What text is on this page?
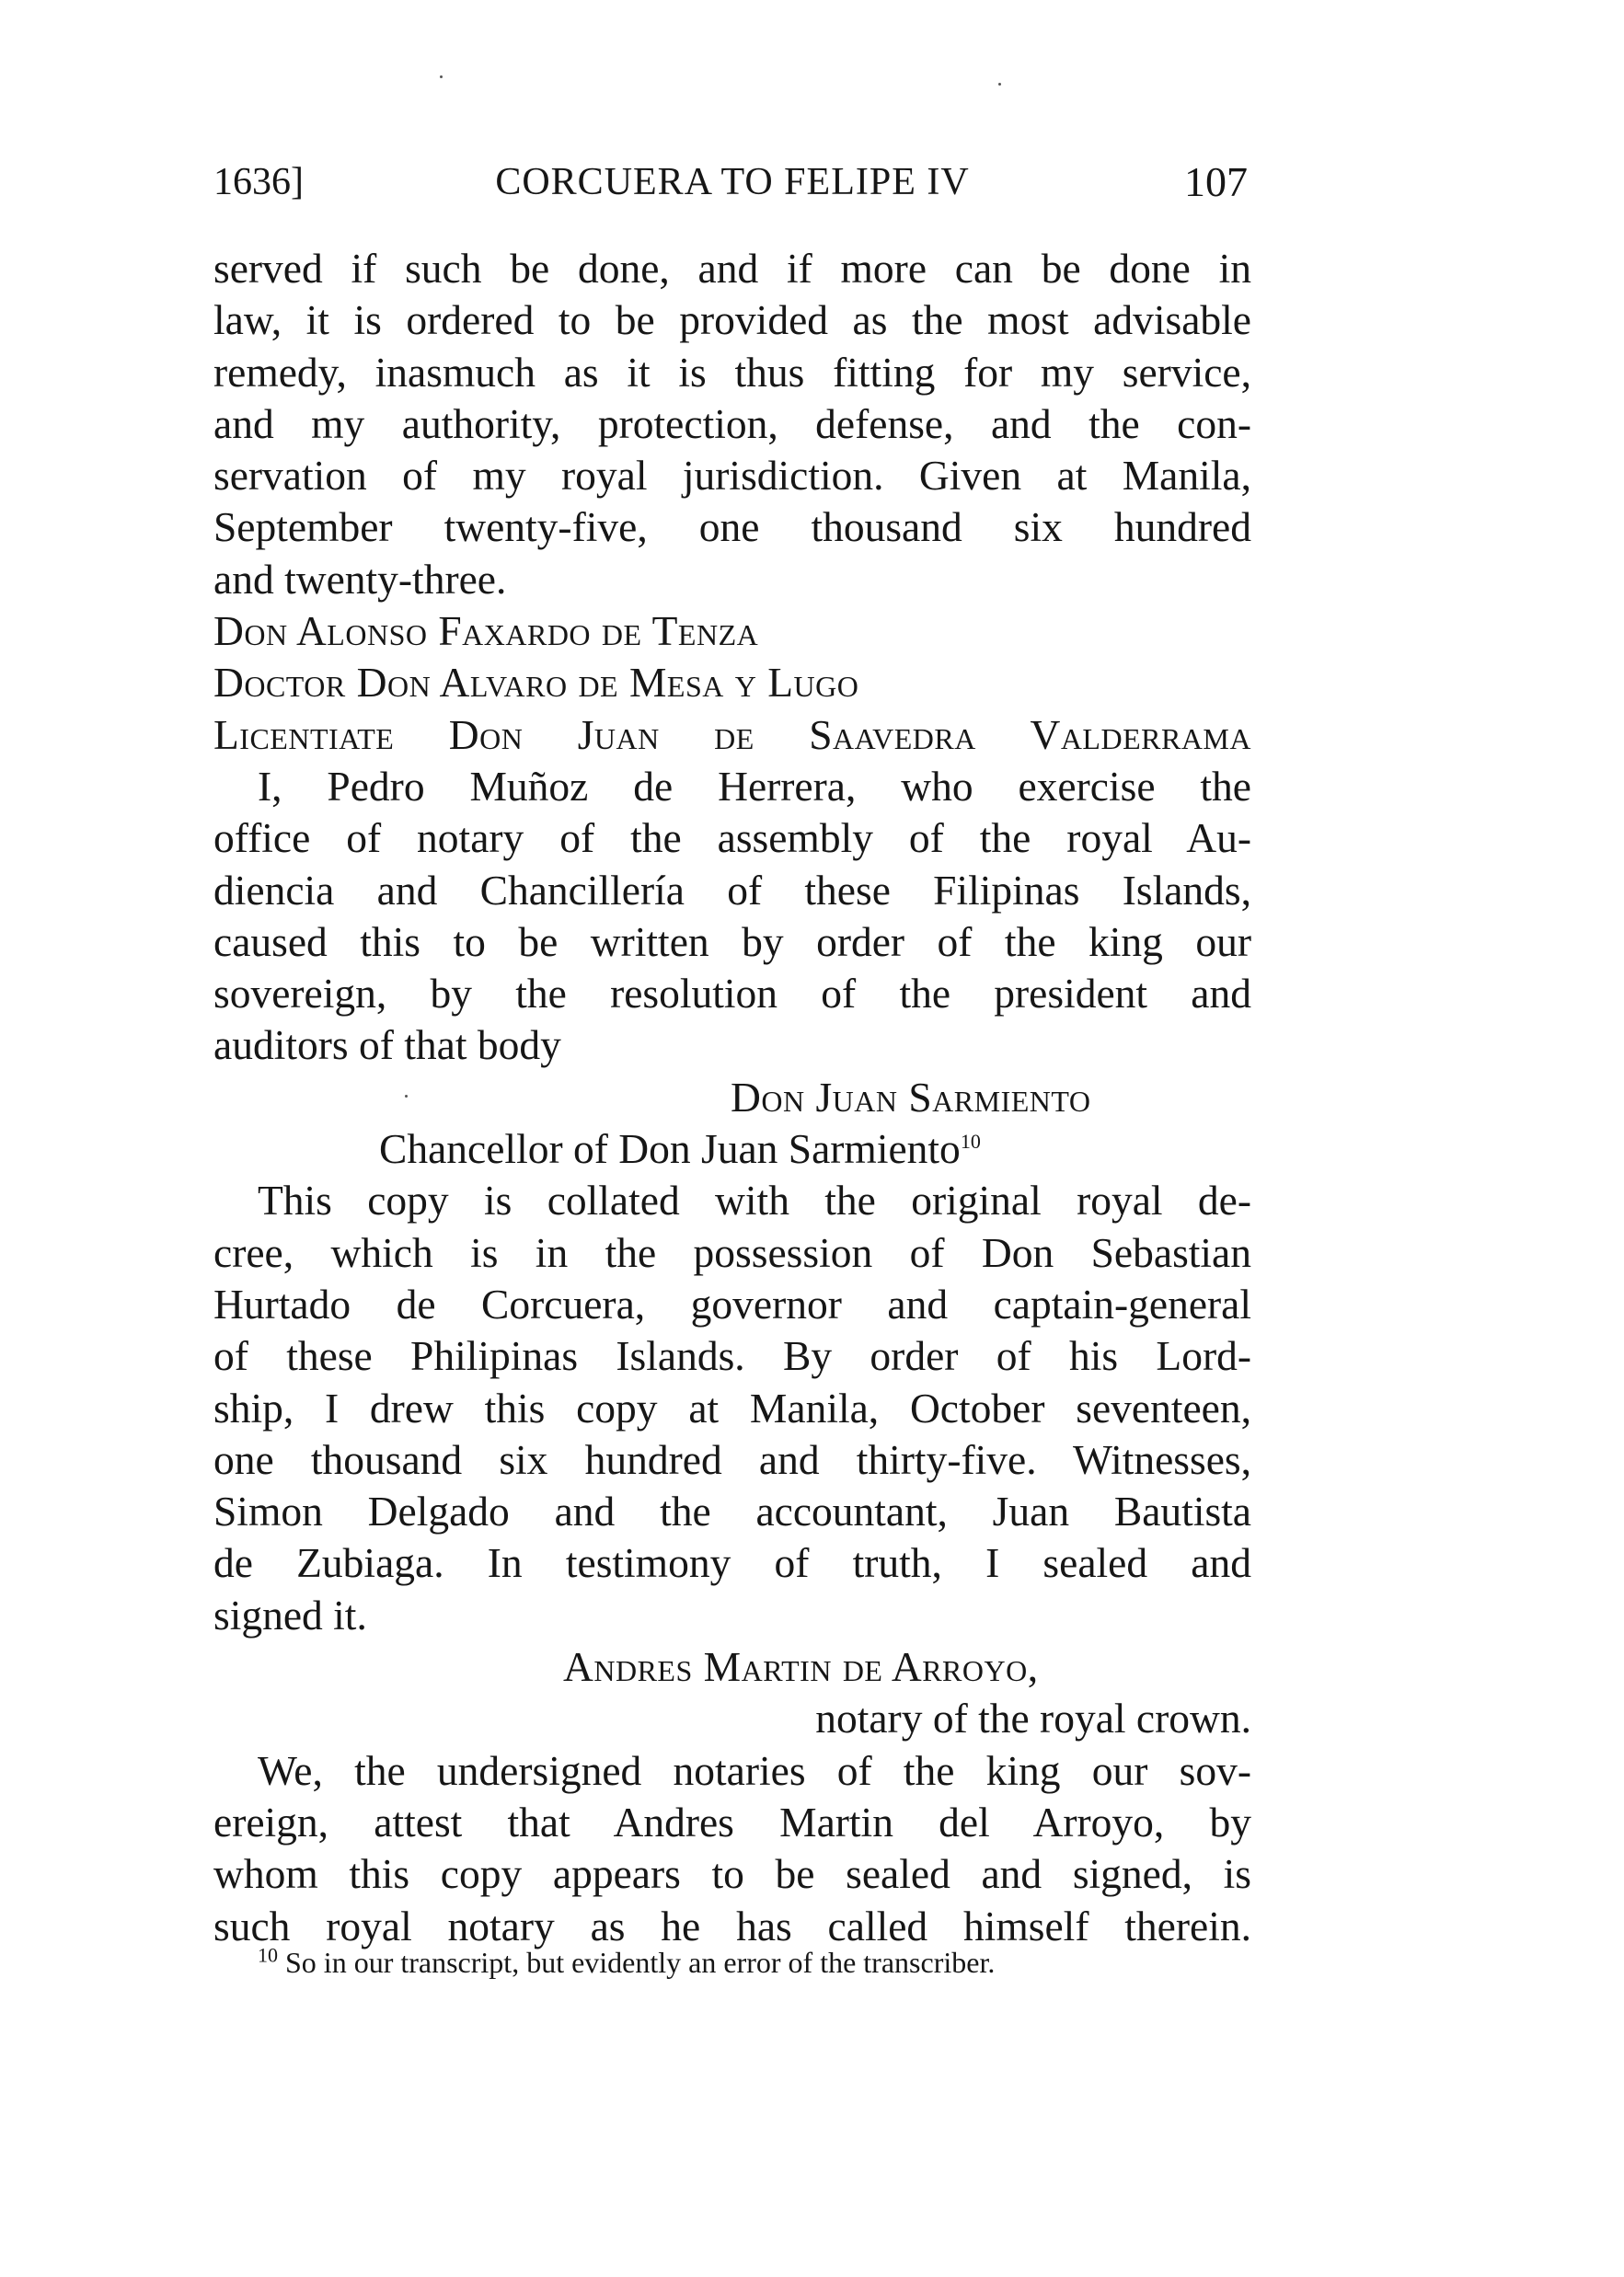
1636]	CORCUERA TO FELIPE IV	107
served if such be done, and if more can be done in
law, it is ordered to be provided as the most advisable
remedy, inasmuch as it is thus fitting for my service,
and my authority, protection, defense, and the con-
servation of my royal jurisdiction. Given at Manila,
September twenty-five, one thousand six hundred
and twenty-three.
Don Alonso Faxardo de Tenza
Doctor Don Alvaro de Mesa y Lugo
Licentiate Don Juan de Saavedra Valderrama
I, Pedro Muñoz de Herrera, who exercise the
office of notary of the assembly of the royal Au-
diencia and Chancillería of these Filipinas Islands,
caused this to be written by order of the king our
sovereign, by the resolution of the president and
auditors of that body
Don Juan Sarmiento
Chancellor of Don Juan Sarmiento$^{10}$
This copy is collated with the original royal de-
cree, which is in the possession of Don Sebastian
Hurtado de Corcuera, governor and captain-general
of these Philipinas Islands. By order of his Lord-
ship, I drew this copy at Manila, October seventeen,
one thousand six hundred and thirty-five. Witnesses,
Simon Delgado and the accountant, Juan Bautista
de Zubiaga. In testimony of truth, I sealed and
signed it.
Andres Martin de Arroyo,
notary of the royal crown.
We, the undersigned notaries of the king our sov-
ereign, attest that Andres Martin del Arroyo, by
whom this copy appears to be sealed and signed, is
such royal notary as he has called himself therein.
$^{10}$ So in our transcript, but evidently an error of the transcriber.
